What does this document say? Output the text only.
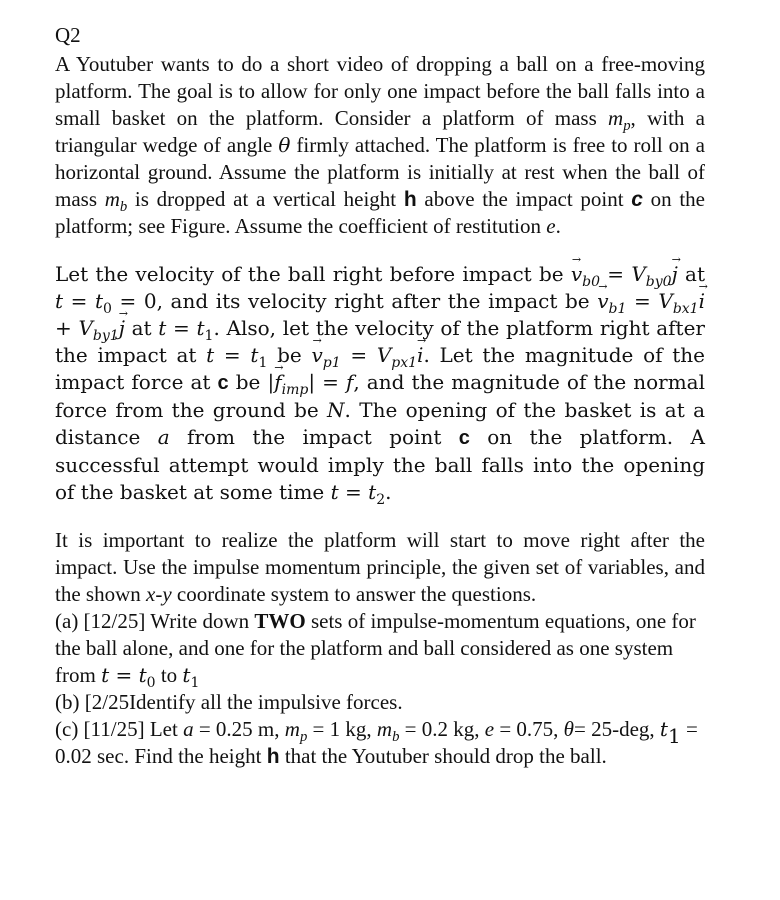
Q2

A Youtuber wants to do a short video of dropping a ball on a free-moving platform. The goal is to allow for only one impact before the ball falls into a small basket on the platform. Consider a platform of mass $m_p$, with a triangular wedge of angle θ firmly attached. The platform is free to roll on a horizontal ground. Assume the platform is initially at rest when the ball of mass $m_b$ is dropped at a vertical height h above the impact point c on the platform; see Figure. Assume the coefficient of restitution e.

Let the velocity of the ball right before impact be $v \to_{b0} = V_{by0}j$ → at $t = t_0 = 0$, and its velocity right after the impact be $v \to_{b1} = V_{bx1}i$ → + $V_{by1}j$ → at $t = t_1$. Also, let the velocity of the platform right after the impact at $t = t_1$ be $v \to_{p1} = V_{px1}i$ →. Let the magnitude of the impact force at c be $|f \to_{imp}| = f$, and the magnitude of the normal force from the ground be N. The opening of the basket is at a distance a from the impact point c on the platform. A successful attempt would imply the ball falls into the opening of the basket at some time $t = t_2$.

It is important to realize the platform will start to move right after the impact. Use the impulse momentum principle, the given set of variables, and the shown x-y coordinate system to answer the questions.

(a) [12/25] Write down TWO sets of impulse-momentum equations, one for the ball alone, and one for the platform and ball considered as one system from $t = t_0$ to $t_1$

(b) [2/25Identify all the impulsive forces.

(c) [11/25] Let a = 0.25 m, $m_p = 1$ kg, $m_b = 0.2$ kg, e = 0.75, θ= 25-deg, $t_1 = 0.02$ sec. Find the height h that the Youtuber should drop the ball.
